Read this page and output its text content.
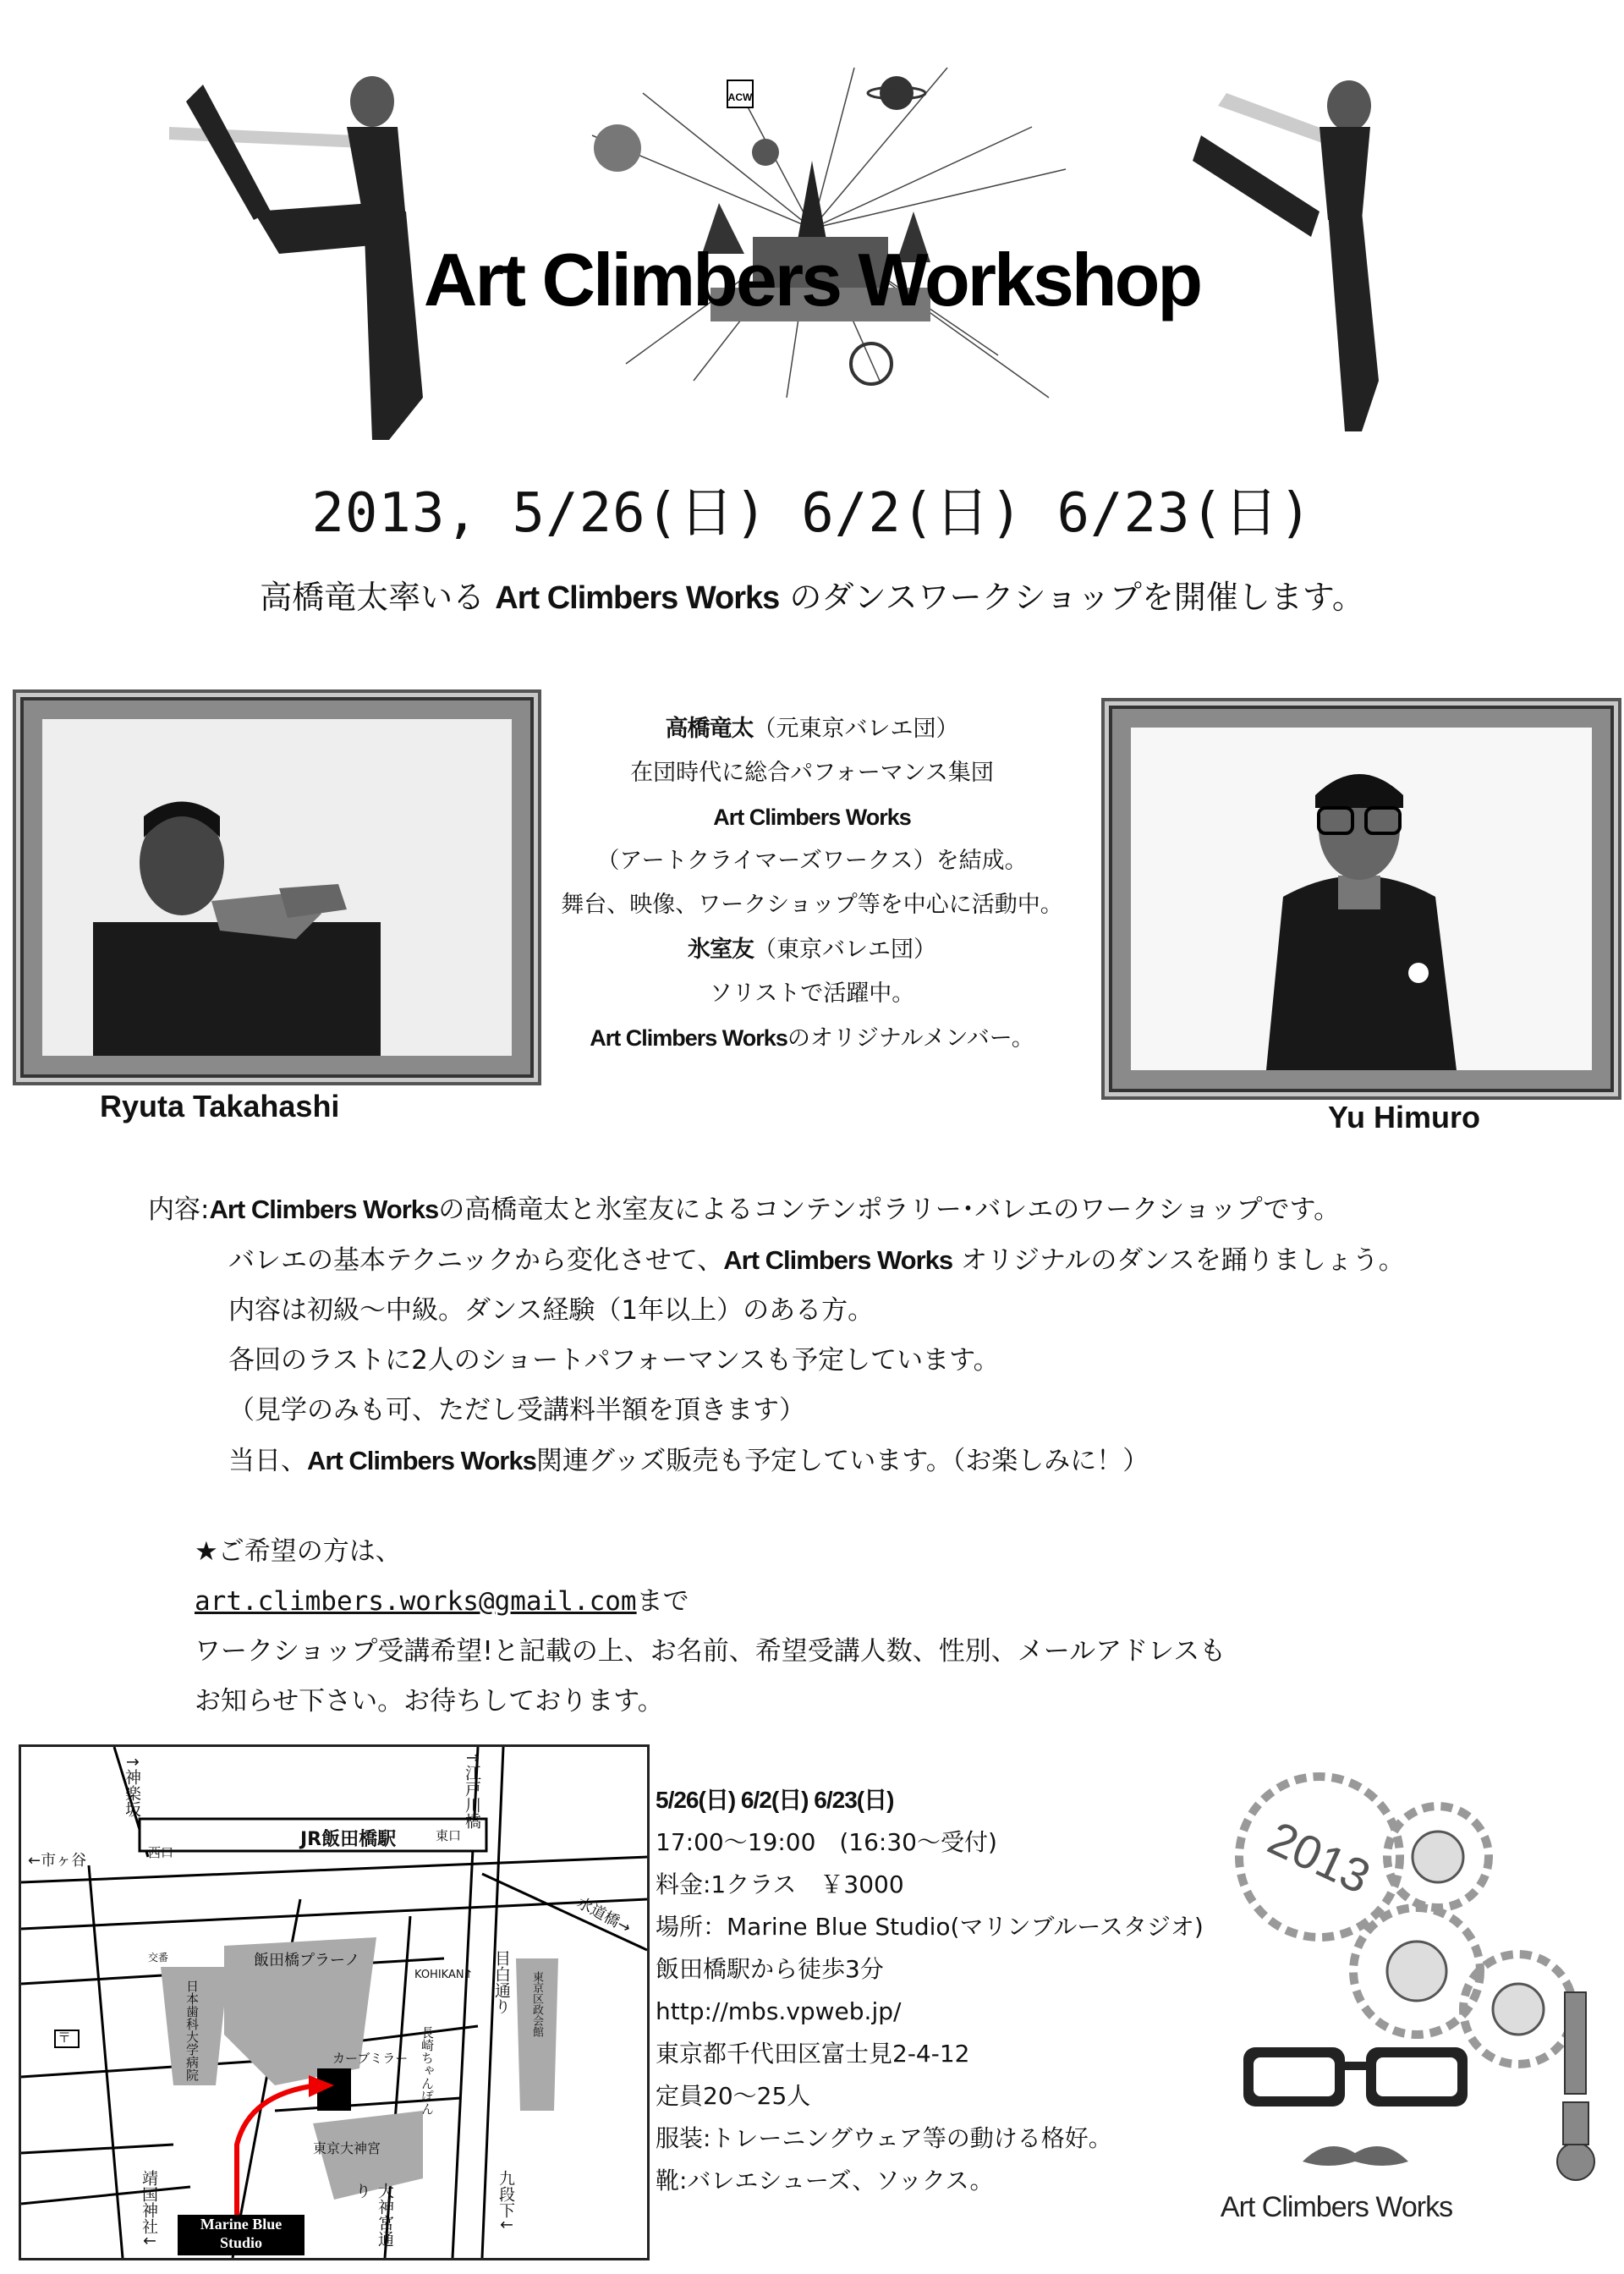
ACW
Art Climbers Workshop
2013, 5/26(日) 6/2(日) 6/23(日)
高橋竜太率いる Art Climbers Works のダンスワークショップを開催します。
Ryuta Takahashi	Yu Himuro
高橋竜太（元東京バレエ団）
在団時代に総合パフォーマンス集団
Art Climbers Works
（アートクライマーズワークス）を結成。
舞台、映像、ワークショップ等を中心に活動中。
氷室友（東京バレエ団）
ソリストで活躍中。
Art Climbers Worksのオリジナルメンバー。
内容:Art Climbers Worksの高橋竜太と氷室友によるコンテンポラリー･バレエのワークショップです。
バレエの基本テクニックから変化させて、Art Climbers Works オリジナルのダンスを踊りましょう。
内容は初級～中級。ダンス経験（1年以上）のある方。
各回のラストに2人のショートパフォーマンスも予定しています。
（見学のみも可、ただし受講料半額を頂きます）
当日、Art Climbers Works関連グッズ販売も予定しています。（お楽しみに！）
★ご希望の方は、
art.climbers.works@gmail.comまで
ワークショップ受講希望!と記載の上、お名前、希望受講人数、性別、メールアドレスも
お知らせ下さい。お待ちしております。
JR飯田橋駅
西口
東口
←市ヶ谷
↑神楽坂	↑江戸川橋
水道橋→
飯田橋プラーノ
日本歯科大学病院
交番
〒
KOHIKAN↑ 目白通り
長崎ちゃんぽん
東京区政会館
カーブミラー
東京大神宮
大神宮通り
靖国神社↓	九段下↓
Marine Blue
Studio
5/26(日) 6/2(日) 6/23(日)
17:00～19:00　(16:30～受付)
料金:1クラス　￥3000
場所：Marine Blue Studio(マリンブルースタジオ)
飯田橋駅から徒歩3分
http://mbs.vpweb.jp/
東京都千代田区富士見2-4-12
定員20～25人
服装:トレーニングウェア等の動ける格好。
靴:バレエシューズ、ソックス。
2013
Art Climbers Works
